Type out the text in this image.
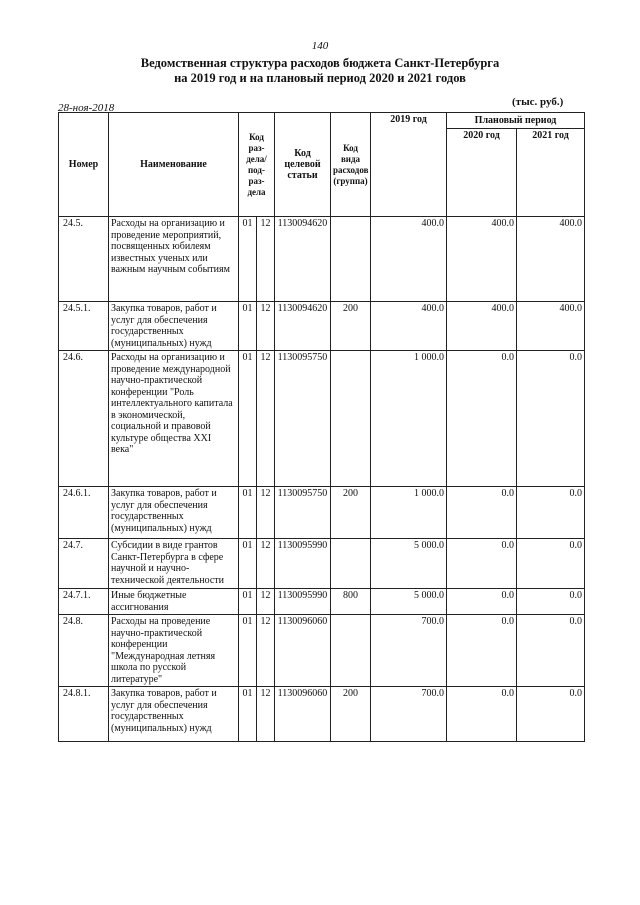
140
Ведомственная структура расходов бюджета Санкт-Петербурга
на 2019 год и на плановый период 2020 и 2021 годов
28-ноя-2018	(тыс. руб.)
Номер	Наименование	Код раз- дела/ под- раз- дела		Код целевой статьи	Код вида расходов (группа)	2019 год	Плановый период	
							2020 год	2021 год
24.5.	Расходы на организацию и проведение мероприятий, посвященных юбилеям известных ученых или важным научным событиям	01	12	1130094620		400.0	400.0	400.0
24.5.1.	Закупка товаров, работ и услуг для обеспечения государственных (муниципальных) нужд	01	12	1130094620	200	400.0	400.0	400.0
24.6.	Расходы на организацию и проведение международной научно-практической конференции "Роль интеллектуального капитала в экономической, социальной и правовой культуре общества XXI века"	01	12	1130095750		1 000.0	0.0	0.0
24.6.1.	Закупка товаров, работ и услуг для обеспечения государственных (муниципальных) нужд	01	12	1130095750	200	1 000.0	0.0	0.0
24.7.	Субсидии в виде грантов Санкт-Петербурга в сфере научной и научно-технической деятельности	01	12	1130095990		5 000.0	0.0	0.0
24.7.1.	Иные бюджетные ассигнования	01	12	1130095990	800	5 000.0	0.0	0.0
24.8.	Расходы на проведение научно-практической конференции "Международная летняя школа по русской литературе"	01	12	1130096060		700.0	0.0	0.0
24.8.1.	Закупка товаров, работ и услуг для обеспечения государственных (муниципальных) нужд	01	12	1130096060	200	700.0	0.0	0.0
